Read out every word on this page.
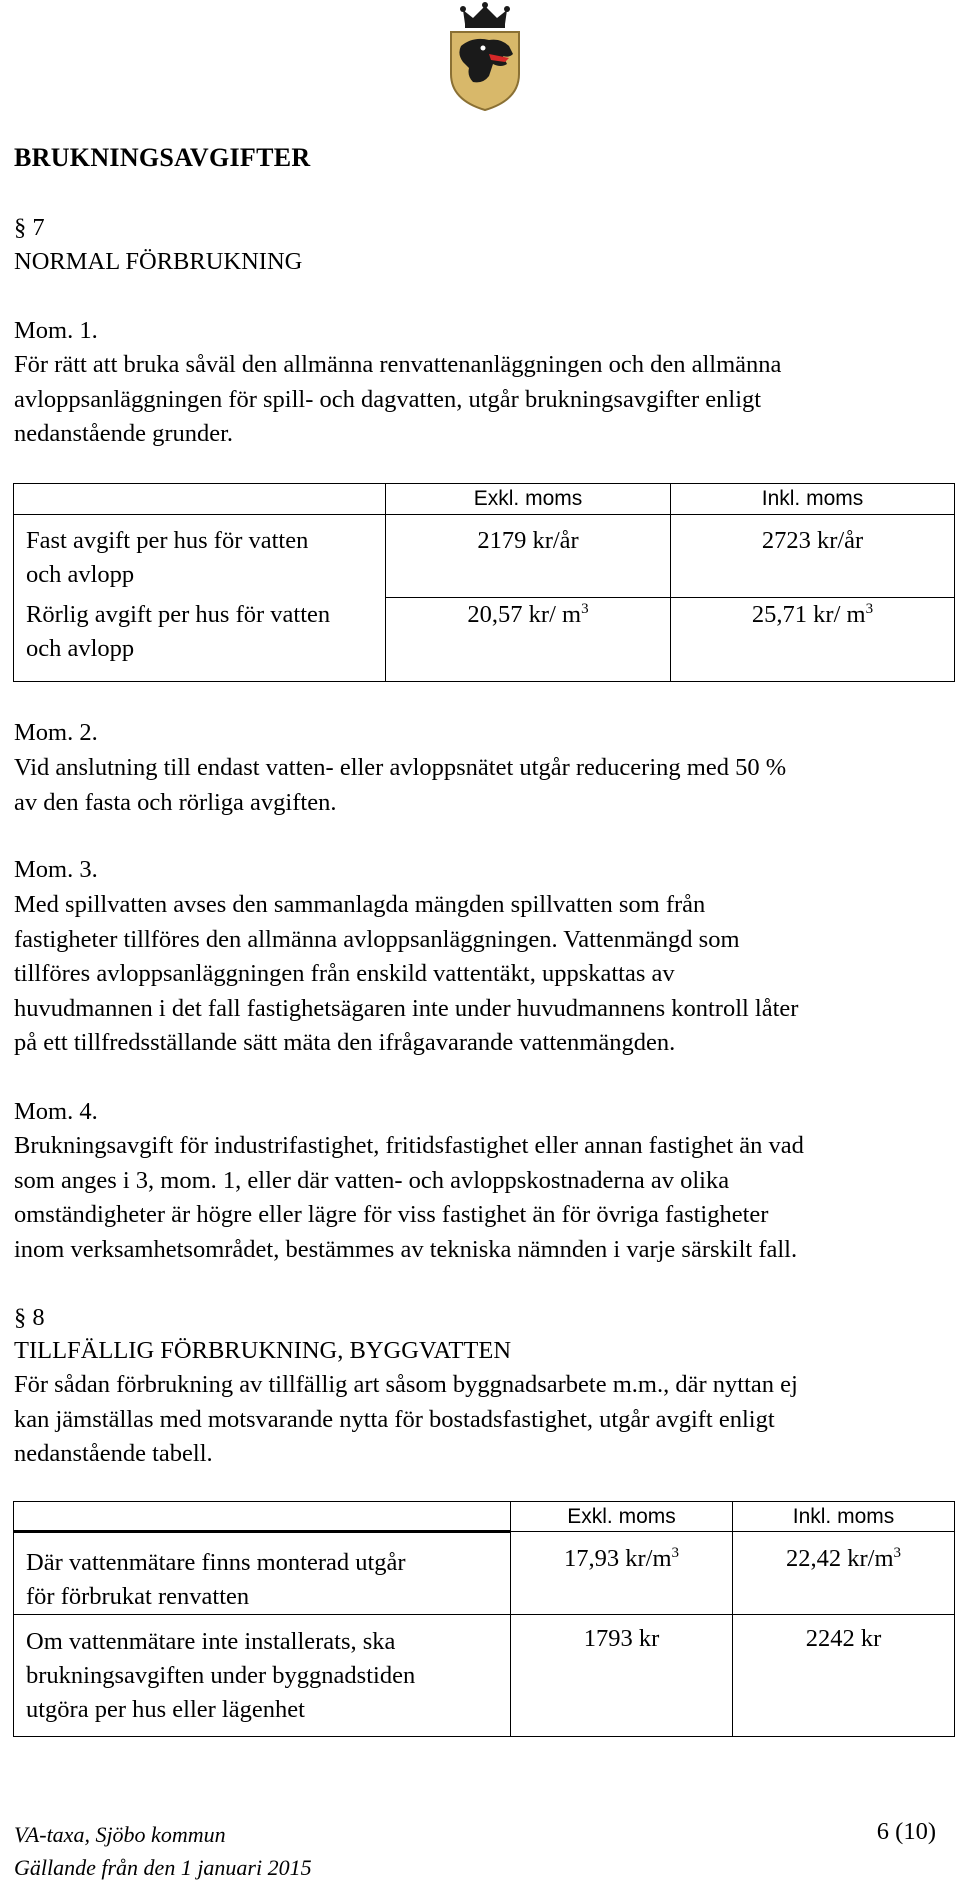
BRUKNINGSAVGIFTER
§ 7
NORMAL FÖRBRUKNING
Mom. 1.
För rätt att bruka såväl den allmänna renvattenanläggningen och den allmänna
avloppsanläggningen för spill- och dagvatten, utgår brukningsavgifter enligt
nedanstående grunder.
	Exkl. moms	Inkl. moms

Fast avgift per hus för vatten
och avlopp	2179 kr/år	2723 kr/år

Rörlig avgift per hus för vatten
och avlopp	20,57 kr/ $m^3$	25,71 kr/ $m^3$
Mom. 2.
Vid anslutning till endast vatten- eller avloppsnätet utgår reducering med 50 %
av den fasta och rörliga avgiften.
Mom. 3.
Med spillvatten avses den sammanlagda mängden spillvatten som från
fastigheter tillföres den allmänna avloppsanläggningen. Vattenmängd som
tillföres avloppsanläggningen från enskild vattentäkt, uppskattas av
huvudmannen i det fall fastighetsägaren inte under huvudmannens kontroll låter
på ett tillfredsställande sätt mäta den ifrågavarande vattenmängden.
Mom. 4.
Brukningsavgift för industrifastighet, fritidsfastighet eller annan fastighet än vad
som anges i 3, mom. 1, eller där vatten- och avloppskostnaderna av olika
omständigheter är högre eller lägre för viss fastighet än för övriga fastigheter
inom verksamhetsområdet, bestämmes av tekniska nämnden i varje särskilt fall.
§ 8
TILLFÄLLIG FÖRBRUKNING, BYGGVATTEN
För sådan förbrukning av tillfällig art såsom byggnadsarbete m.m., där nyttan ej
kan jämställas med motsvarande nytta för bostadsfastighet, utgår avgift enligt
nedanstående tabell.
	Exkl. moms	Inkl. moms

Där vattenmätare finns monterad utgår
för förbrukat renvatten	17,93 $kr/m^3$	22,42 $kr/m^3$

Om vattenmätare inte installerats, ska
brukningsavgiften under byggnadstiden
utgöra per hus eller lägenhet	1793 kr	2242 kr
VA-taxa, Sjöbo kommun
Gällande från den 1 januari 2015
6 (10)
